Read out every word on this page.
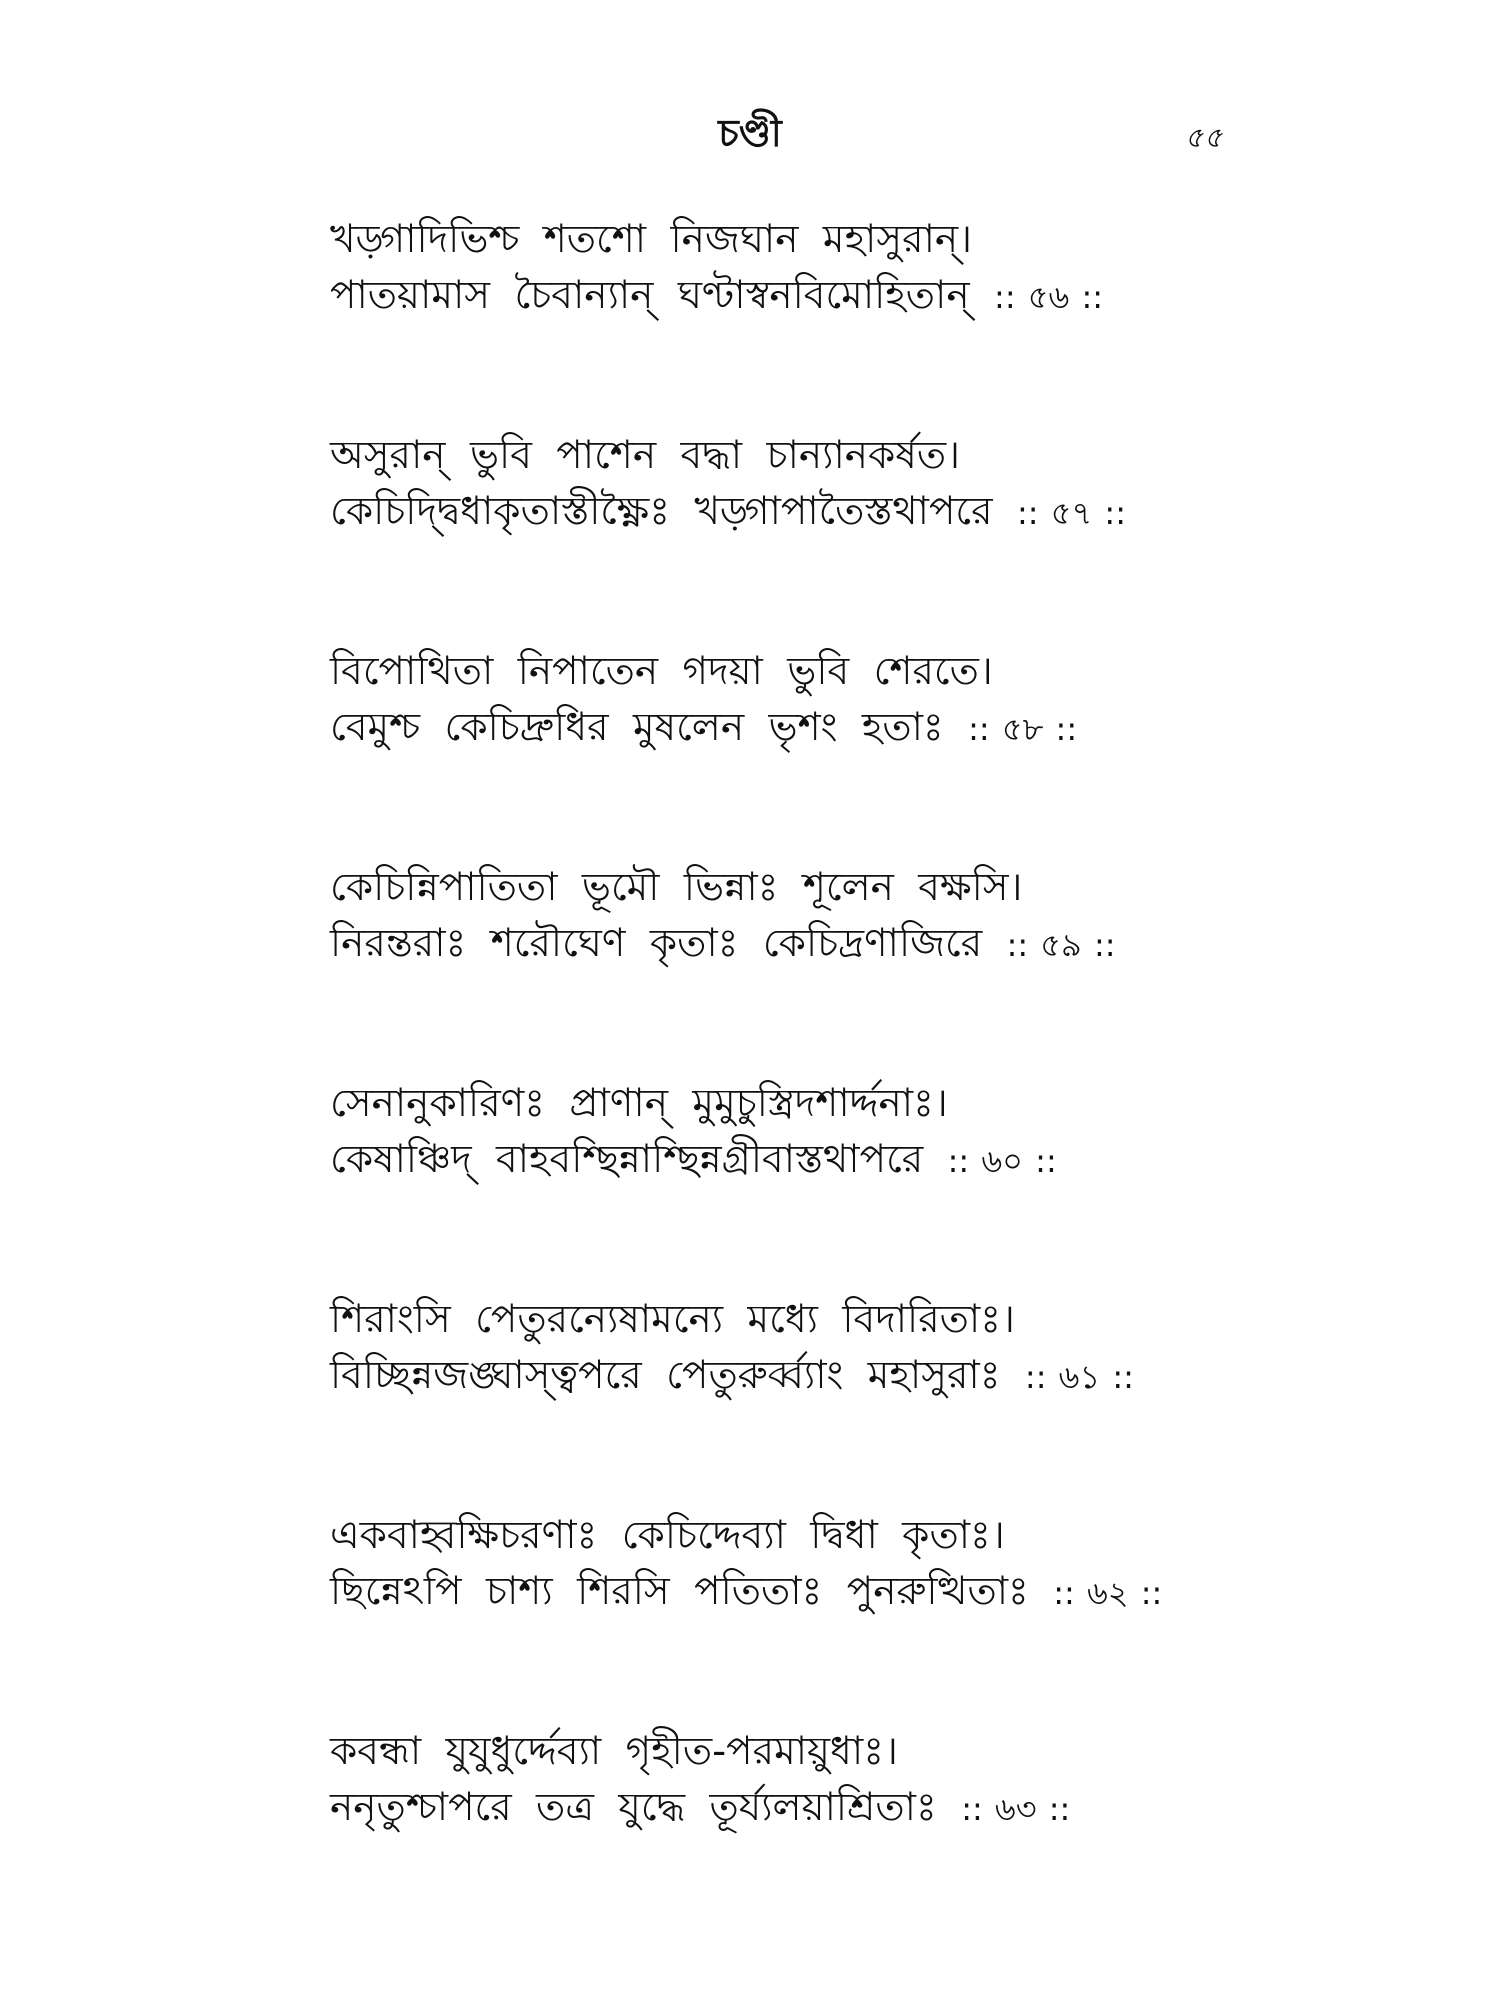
চণ্ডী	৫৫
খড়্গাদিভিশ্চ শতশো নিজঘান মহাসুরান্।
পাতয়ামাস চৈবান্যান্ ঘণ্টাস্বনবিমোহিতান্ :: ৫৬ ::
অসুরান্ ভুবি পাশেন বদ্ধা চান্যানকর্ষত।
কেচিদ্দ্বিধাকৃতাস্তীক্ষ্ণৈঃ খড়্গাপাতৈস্তথাপরে :: ৫৭ ::
বিপোথিতা নিপাতেন গদয়া ভুবি শেরতে।
বেমুশ্চ কেচিদ্রুধির মুষলেন ভৃশং হতাঃ :: ৫৮ ::
কেচিন্নিপাতিতা ভূমৌ ভিন্নাঃ শূলেন বক্ষসি।
নিরন্তরাঃ শরৌঘেণ কৃতাঃ কেচিদ্রণাজিরে :: ৫৯ ::
সেনানুকারিণঃ প্রাণান্ মুমুচুস্ত্রিদশার্দ্দনাঃ।
কেষাঞ্চিদ্ বাহবশ্ছিন্নাশ্ছিন্নগ্রীবাস্তথাপরে :: ৬০ ::
শিরাংসি পেতুরন্যেষামন্যে মধ্যে বিদারিতাঃ।
বিচ্ছিন্নজঙ্ঘাস্ত্বপরে পেতুরুর্ব্ব্যাং মহাসুরাঃ :: ৬১ ::
একবাহ্বক্ষিচরণাঃ কেচিদ্দেব্যা দ্বিধা কৃতাঃ।
ছিন্নেঽপি চাশ্য শিরসি পতিতাঃ পুনরুত্থিতাঃ :: ৬২ ::
কবন্ধা যুযুধুর্দ্দেব্যা গৃহীত-পরমায়ুধাঃ।
ননৃতুশ্চাপরে তত্র যুদ্ধে তূর্য্যলয়াশ্রিতাঃ :: ৬৩ ::
